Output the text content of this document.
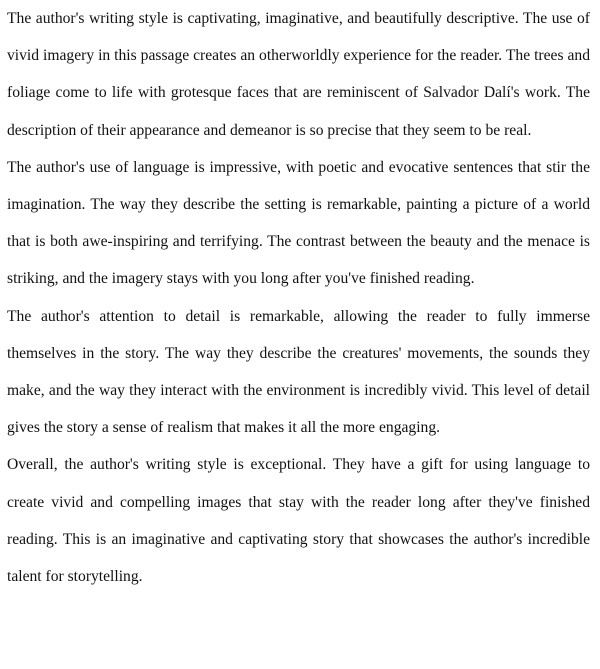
The author's writing style is captivating, imaginative, and beautifully descriptive. The use of vivid imagery in this passage creates an otherworldly experience for the reader. The trees and foliage come to life with grotesque faces that are reminiscent of Salvador Dalí's work. The description of their appearance and demeanor is so precise that they seem to be real.

The author's use of language is impressive, with poetic and evocative sentences that stir the imagination. The way they describe the setting is remarkable, painting a picture of a world that is both awe-inspiring and terrifying. The contrast between the beauty and the menace is striking, and the imagery stays with you long after you've finished reading.

The author's attention to detail is remarkable, allowing the reader to fully immerse themselves in the story. The way they describe the creatures' movements, the sounds they make, and the way they interact with the environment is incredibly vivid. This level of detail gives the story a sense of realism that makes it all the more engaging.

Overall, the author's writing style is exceptional. They have a gift for using language to create vivid and compelling images that stay with the reader long after they've finished reading. This is an imaginative and captivating story that showcases the author's incredible talent for storytelling.
